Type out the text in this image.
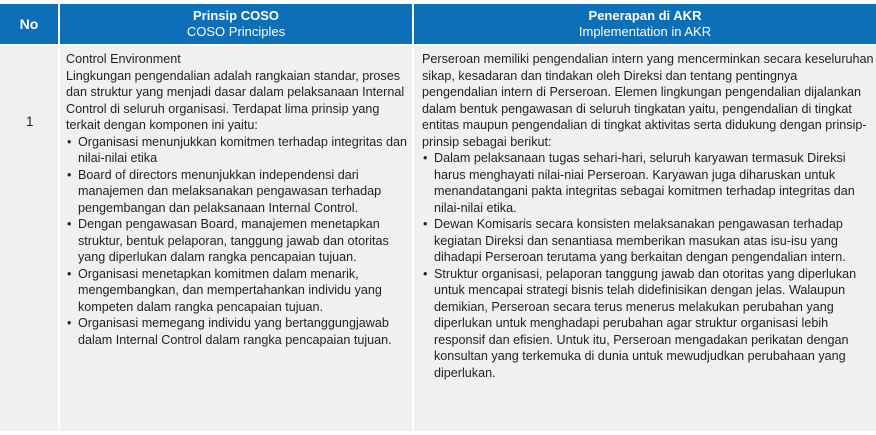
No
Prinsip COSO
COSO Principles
Penerapan di AKR
Implementation in AKR
1

Control Environment

Lingkungan pengendalian adalah rangkaian standar, proses dan struktur yang menjadi dasar dalam pelaksanaan Internal Control di seluruh organisasi. Terdapat lima prinsip yang terkait dengan komponen ini yaitu:

• Organisasi menunjukkan komitmen terhadap integritas dan nilai-nilai etika
• Board of directors menunjukkan independensi dari manajemen dan melaksanakan pengawasan terhadap pengembangan dan pelaksanaan Internal Control.
• Dengan pengawasan Board, manajemen menetapkan struktur, bentuk pelaporan, tanggung jawab dan otoritas yang diperlukan dalam rangka pencapaian tujuan.
• Organisasi menetapkan komitmen dalam menarik, mengembangkan, dan mempertahankan individu yang kompeten dalam rangka pencapaian tujuan.
• Organisasi memegang individu yang bertanggungjawab dalam Internal Control dalam rangka pencapaian tujuan.

Perseroan memiliki pengendalian intern yang mencerminkan secara keseluruhan sikap, kesadaran dan tindakan oleh Direksi dan tentang pentingnya pengendalian intern di Perseroan. Elemen lingkungan pengendalian dijalankan dalam bentuk pengawasan di seluruh tingkatan yaitu, pengendalian di tingkat entitas maupun pengendalian di tingkat aktivitas serta didukung dengan prinsip-prinsip sebagai berikut:

• Dalam pelaksanaan tugas sehari-hari, seluruh karyawan termasuk Direksi harus menghayati nilai-niai Perseroan. Karyawan juga diharuskan untuk menandatangani pakta integritas sebagai komitmen terhadap integritas dan nilai-nilai etika.
• Dewan Komisaris secara konsisten melaksanakan pengawasan terhadap kegiatan Direksi dan senantiasa memberikan masukan atas isu-isu yang dihadapi Perseroan terutama yang berkaitan dengan pengendalian intern.
• Struktur organisasi, pelaporan tanggung jawab dan otoritas yang diperlukan untuk mencapai strategi bisnis telah didefinisikan dengan jelas. Walaupun demikian, Perseroan secara terus menerus melakukan perubahan yang diperlukan untuk menghadapi perubahan agar struktur organisasi lebih responsif dan efisien. Untuk itu, Perseroan mengadakan perikatan dengan konsultan yang terkemuka di dunia untuk mewudjudkan perubahaan yang diperlukan.
